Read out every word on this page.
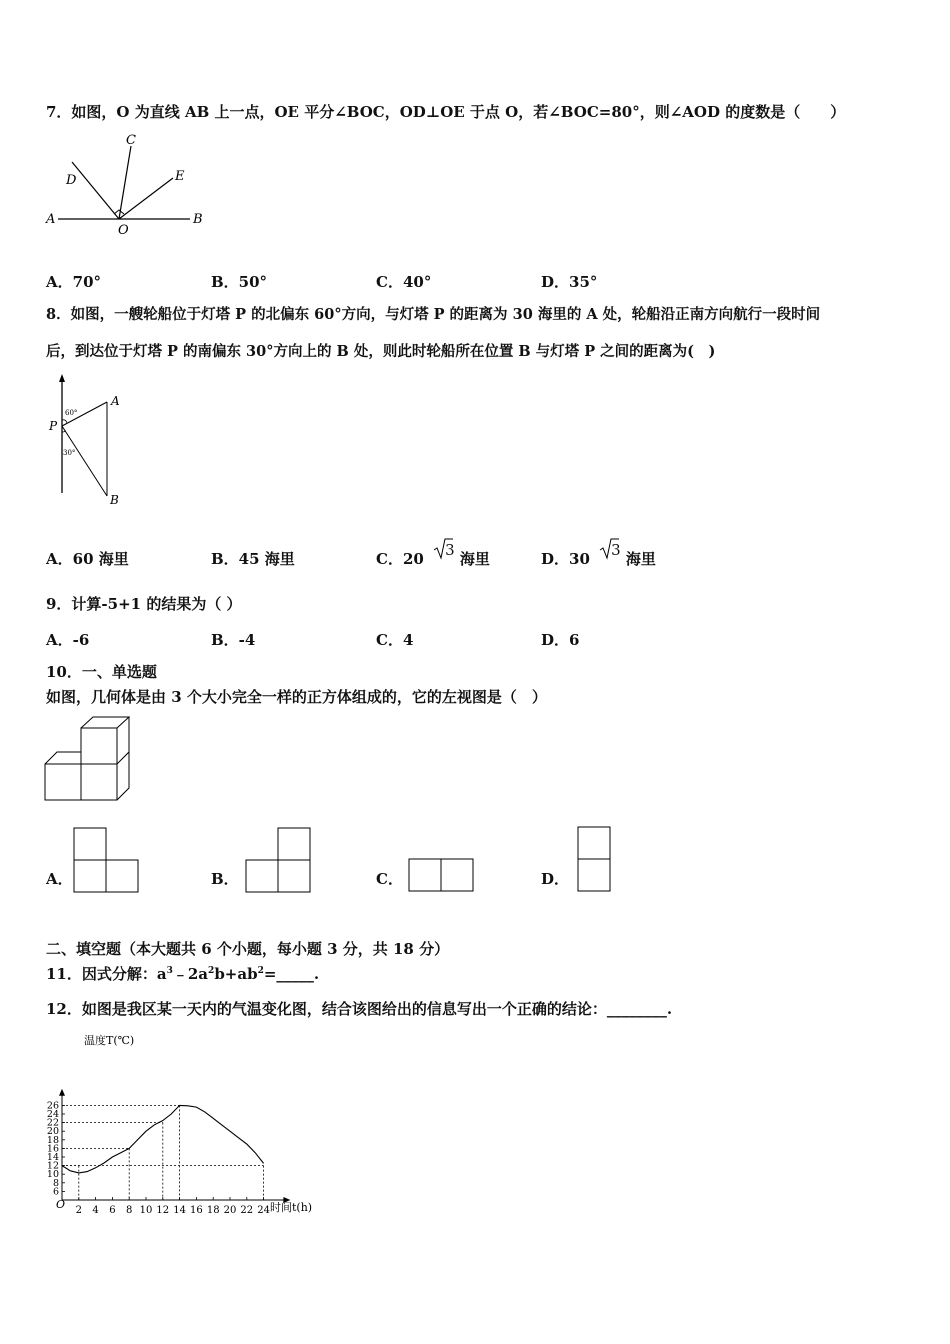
7．如图，O 为直线 AB 上一点，OE 平分∠BOC，OD⊥OE 于点 O，若∠BOC=80°，则∠AOD 的度数是（　　）
A	B
C
D	E
O
A．70°	B．50°	C．40°	D．35°
8．如图，一艘轮船位于灯塔 P 的北偏东 60°方向，与灯塔 P 的距离为 30 海里的 A 处，轮船沿正南方向航行一段时间
后，到达位于灯塔 P 的南偏东 30°方向上的 B 处，则此时轮船所在位置 B 与灯塔 P 之间的距离为(　)
P
A
B
60°
30°
A．60 海里	B．45 海里	C．20 3 海里	D．30 3 海里
9．计算-5+1 的结果为（ ）
A．-6	B．-4	C．4	D．6
10．一、单选题
如图，几何体是由 3 个大小完全一样的正方体组成的，它的左视图是（　）
A．	B．	C．	D．
二、填空题（本大题共 6 个小题，每小题 3 分，共 18 分）
11．因式分解：$a^3﹣2a^2b+ab^2=\_\_\_\_\_$.
12．如图是我区某一天内的气温变化图，结合该图给出的信息写出一个正确的结论：________.
2 4 6 8 10 12 14 16 18 20 22 24
6
8
10
12
14
16
18
20
22
24
26
温度T(℃)
时间t(h)
O
